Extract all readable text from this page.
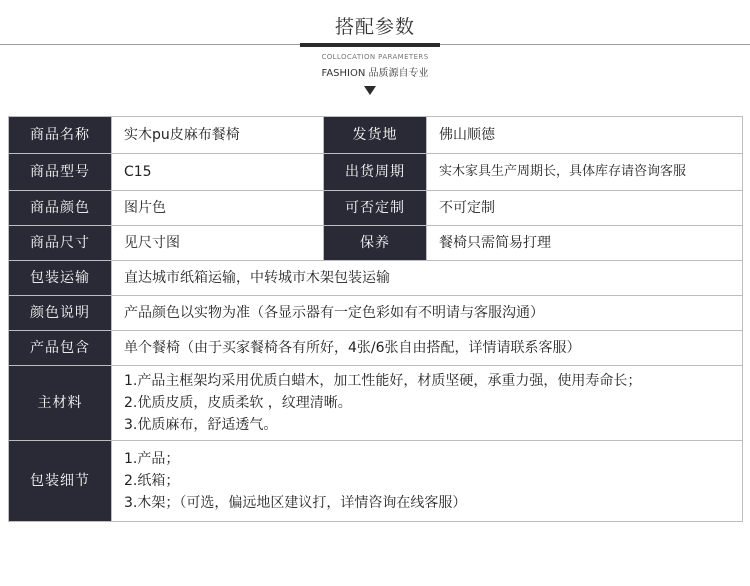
搭配参数
COLLOCATION PARAMETERS
FASHION 品质源自专业
商品名称	实木pu皮麻布餐椅	发货地	佛山顺德
商品型号	C15	出货周期	实木家具生产周期长，具体库存请咨询客服
商品颜色	图片色	可否定制	不可定制
商品尺寸	见尺寸图	保养	餐椅只需简易打理
包装运输	直达城市纸箱运输，中转城市木架包装运输		
颜色说明	产品颜色以实物为准（各显示器有一定色彩如有不明请与客服沟通）		
产品包含	单个餐椅（由于买家餐椅各有所好，4张/6张自由搭配，详情请联系客服）		
主材料	1.产品主框架均采用优质白蜡木，加工性能好，材质坚硬，承重力强，使用寿命长；
2.优质皮质，皮质柔软 ，纹理清晰。
3.优质麻布，舒适透气。		

包装细节	1.产品；
2.纸箱；
3.木架；（可选，偏远地区建议打，详情咨询在线客服）		
